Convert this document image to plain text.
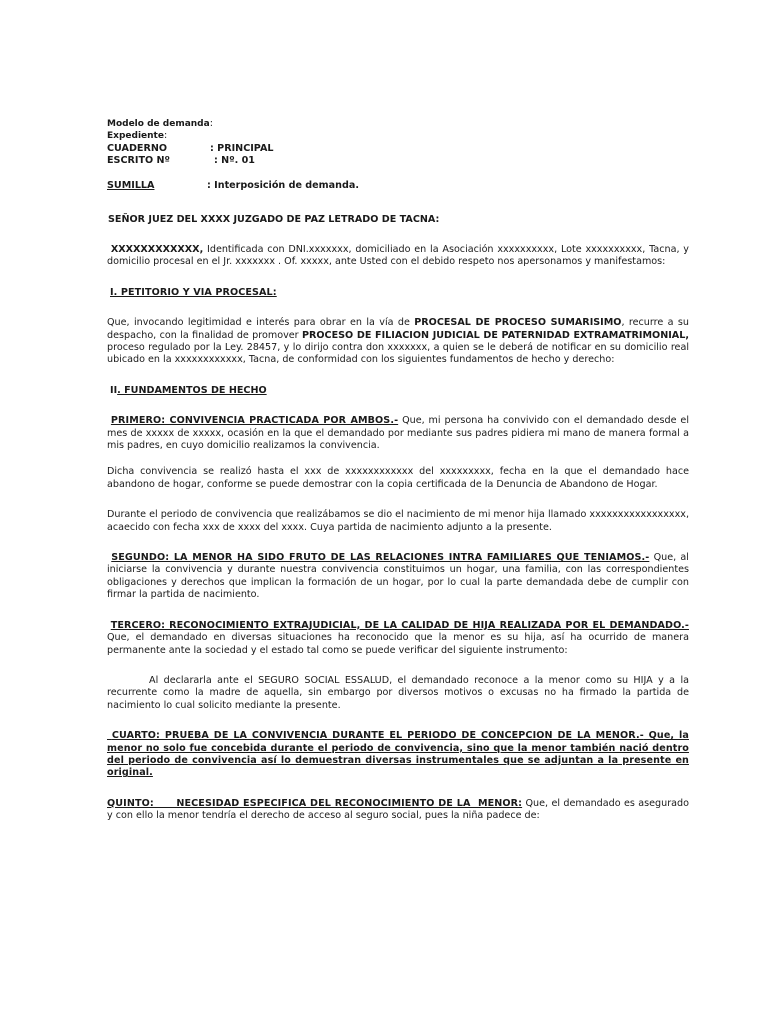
Modelo de demanda:
Expediente:
CUADERNO	: PRINCIPAL
ESCRITO Nº	: Nº. 01
SUMILLA	: Interposición de demanda.

SEÑOR JUEZ DEL XXXX JUZGADO DE PAZ LETRADO DE TACNA:

XXXXXXXXXXXX, Identificada con DNI.xxxxxxx, domiciliado en la Asociación xxxxxxxxxx, Lote xxxxxxxxxx, Tacna, y domicilio procesal en el Jr. xxxxxxx . Of. xxxxx, ante Usted con el debido respeto nos apersonamos y manifestamos:

I. PETITORIO Y VIA PROCESAL:

Que, invocando legitimidad e interés para obrar en la vía de PROCESAL DE PROCESO SUMARISIMO, recurre a su despacho, con la finalidad de promover PROCESO DE FILIACION JUDICIAL DE PATERNIDAD EXTRAMATRIMONIAL, proceso regulado por la Ley. 28457, y lo dirijo contra don xxxxxxx, a quien se le deberá de notificar en su domicilio real ubicado en la xxxxxxxxxxxx, Tacna, de conformidad con los siguientes fundamentos de hecho y derecho:

II. FUNDAMENTOS DE HECHO

PRIMERO: CONVIVENCIA PRACTICADA POR AMBOS.- Que, mi persona ha convivido con el demandado desde el mes de xxxxx de xxxxx, ocasión en la que el demandado por mediante sus padres pidiera mi mano de manera formal a mis padres, en cuyo domicilio realizamos la convivencia.

Dicha convivencia se realizó hasta el xxx de xxxxxxxxxxxx del xxxxxxxxx, fecha en la que el demandado hace abandono de hogar, conforme se puede demostrar con la copia certificada de la Denuncia de Abandono de Hogar.

Durante el periodo de convivencia que realizábamos se dio el nacimiento de mi menor hija llamado xxxxxxxxxxxxxxxxx, acaecido con fecha xxx de xxxx del xxxx. Cuya partida de nacimiento adjunto a la presente.

SEGUNDO: LA MENOR HA SIDO FRUTO DE LAS RELACIONES INTRA FAMILIARES QUE TENIAMOS.- Que, al iniciarse la convivencia y durante nuestra convivencia constituimos un hogar, una familia, con las correspondientes obligaciones y derechos que implican la formación de un hogar, por lo cual la parte demandada debe de cumplir con firmar la partida de nacimiento.

TERCERO: RECONOCIMIENTO EXTRAJUDICIAL, DE LA CALIDAD DE HIJA REALIZADA POR EL DEMANDADO.- Que, el demandado en diversas situaciones ha reconocido que la menor es su hija, así ha ocurrido de manera permanente ante la sociedad y el estado tal como se puede verificar del siguiente instrumento:

Al declararla ante el SEGURO SOCIAL ESSALUD, el demandado reconoce a la menor como su HIJA y a la recurrente como la madre de aquella, sin embargo por diversos motivos o excusas no ha firmado la partida de nacimiento lo cual solicito mediante la presente.

CUARTO: PRUEBA DE LA CONVIVENCIA DURANTE EL PERIODO DE CONCEPCION DE LA MENOR.- Que, la menor no solo fue concebida durante el periodo de convivencia, sino que la menor también nació dentro del periodo de convivencia así lo demuestran diversas instrumentales que se adjuntan a la presente en original.

QUINTO:      NECESIDAD ESPECIFICA DEL RECONOCIMIENTO DE LA  MENOR: Que, el demandado es asegurado y con ello la menor tendría el derecho de acceso al seguro social, pues la niña padece de:
